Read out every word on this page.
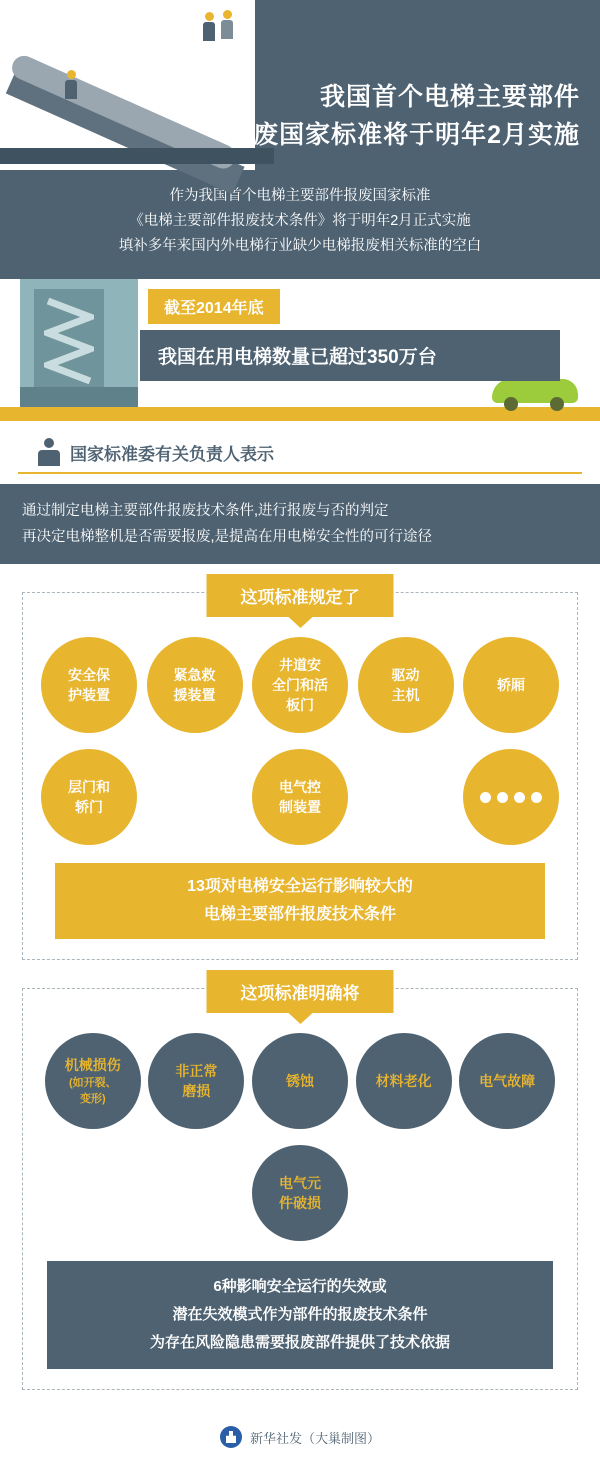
我国首个电梯主要部件
报废国家标准将于明年2月实施

作为我国首个电梯主要部件报废国家标准

《电梯主要部件报废技术条件》将于明年2月正式实施

填补多年来国内外电梯行业缺少电梯报废相关标准的空白

截至2014年底
我国在用电梯数量已超过350万台
国家标准委有关负责人表示
通过制定电梯主要部件报废技术条件,进行报废与否的判定
再决定电梯整机是否需要报废,是提高在用电梯安全性的可行途径
这项标准规定了
安全保
护装置
紧急救
援装置
井道安
全门和活
板门
驱动
主机
轿厢
层门和
轿门
电气控
制装置
13项对电梯安全运行影响较大的
电梯主要部件报废技术条件
这项标准明确将
机械损伤
(如开裂、
变形)
非正常
磨损
锈蚀	材料老化	电气故障
电气元
件破损
6种影响安全运行的失效或
潜在失效模式作为部件的报废技术条件
为存在风险隐患需要报废部件提供了技术依据
新华社发（大巢制图）
